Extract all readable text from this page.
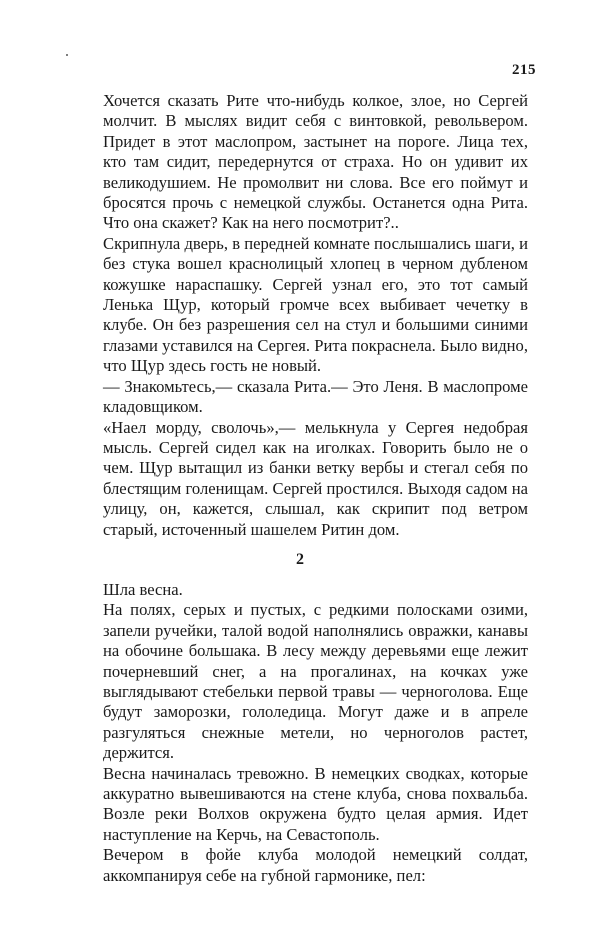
215

Хочется сказать Рите что-нибудь колкое, злое, но Сергей молчит. В мыслях видит себя с винтовкой, револьвером. Придет в этот маслопром, застынет на пороге. Лица тех, кто там сидит, передернутся от страха. Но он удивит их великодушием. Не промолвит ни слова. Все его поймут и бросятся прочь с немецкой службы. Останется одна Рита. Что она скажет? Как на него посмотрит?..

Скрипнула дверь, в передней комнате послышались шаги, и без стука вошел краснолицый хлопец в черном дубленом кожушке нараспашку. Сергей узнал его, это тот самый Ленька Щур, который громче всех выбивает чечетку в клубе. Он без разрешения сел на стул и большими синими глазами уставился на Сергея. Рита покраснела. Было видно, что Щур здесь гость не новый.

— Знакомьтесь,— сказала Рита.— Это Леня. В маслопроме кладовщиком.

«Наел морду, сволочь»,— мелькнула у Сергея недобрая мысль. Сергей сидел как на иголках. Говорить было не о чем. Щур вытащил из банки ветку вербы и стегал себя по блестящим голенищам. Сергей простился. Выходя садом на улицу, он, кажется, слышал, как скрипит под ветром старый, источенный шашелем Ритин дом.

2

Шла весна.

На полях, серых и пустых, с редкими полосками озими, запели ручейки, талой водой наполнялись овражки, канавы на обочине большака. В лесу между деревьями еще лежит почерневший снег, а на прогалинах, на кочках уже выглядывают стебельки первой травы — черноголова. Еще будут заморозки, гололедица. Могут даже и в апреле разгуляться снежные метели, но черноголов растет, держится.

Весна начиналась тревожно. В немецких сводках, которые аккуратно вывешиваются на стене клуба, снова похвальба. Возле реки Волхов окружена будто целая армия. Идет наступление на Керчь, на Севастополь.

Вечером в фойе клуба молодой немецкий солдат, аккомпанируя себе на губной гармонике, пел:
